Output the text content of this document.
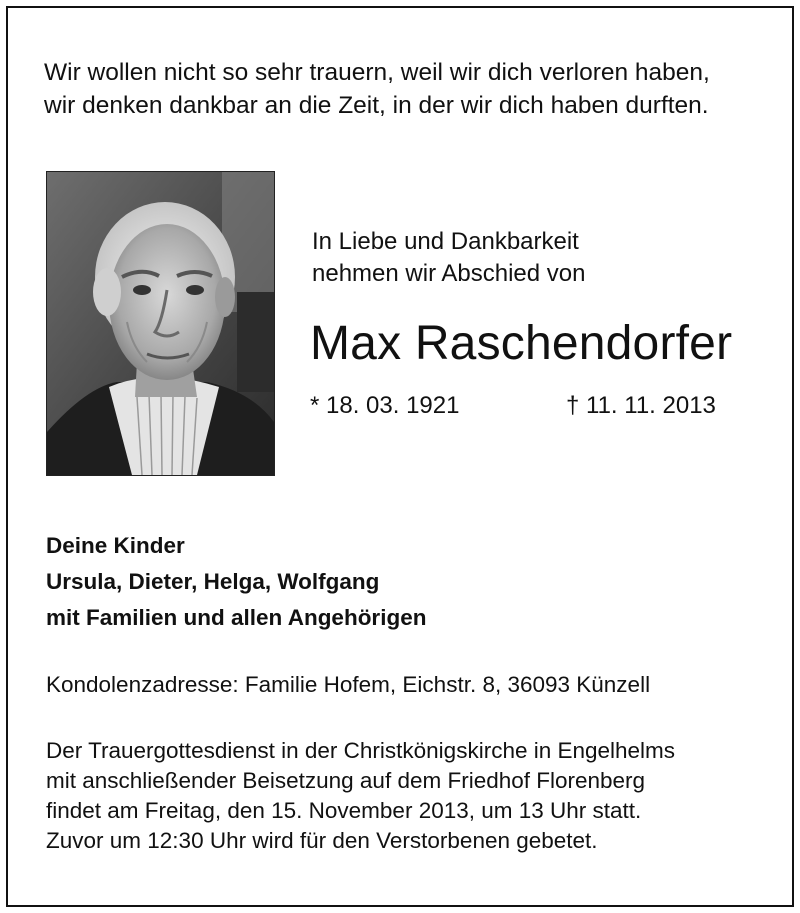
Wir wollen nicht so sehr trauern, weil wir dich verloren haben,
wir denken dankbar an die Zeit, in der wir dich haben durften.
In Liebe und Dankbarkeit
nehmen wir Abschied von
Max Raschendorfer
* 18. 03. 1921	† 11. 11. 2013
Deine Kinder
Ursula, Dieter, Helga, Wolfgang
mit Familien und allen Angehörigen
Kondolenzadresse: Familie Hofem, Eichstr. 8, 36093 Künzell
Der Trauergottesdienst in der Christkönigskirche in Engelhelms
mit anschließender Beisetzung auf dem Friedhof Florenberg
findet am Freitag, den 15. November 2013, um 13 Uhr statt.
Zuvor um 12:30 Uhr wird für den Verstorbenen gebetet.
